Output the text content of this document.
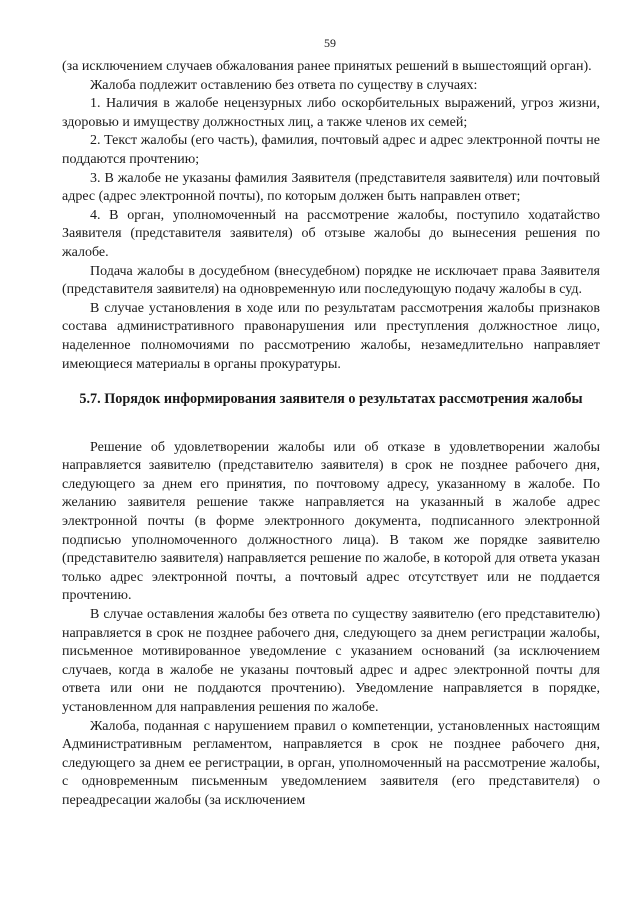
59

(за исключением случаев обжалования ранее принятых решений в вышестоящий орган).

Жалоба подлежит оставлению без ответа по существу в случаях:

1. Наличия в жалобе нецензурных либо оскорбительных выражений, угроз жизни, здоровью и имуществу должностных лиц, а также членов их семей;

2. Текст жалобы (его часть), фамилия, почтовый адрес и адрес электронной почты не поддаются прочтению;

3. В жалобе не указаны фамилия Заявителя (представителя заявителя) или почтовый адрес (адрес электронной почты), по которым должен быть направлен ответ;

4. В орган, уполномоченный на рассмотрение жалобы, поступило ходатайство Заявителя (представителя заявителя) об отзыве жалобы до вынесения решения по жалобе.

Подача жалобы в досудебном (внесудебном) порядке не исключает права Заявителя (представителя заявителя) на одновременную или последующую подачу жалобы в суд.

В случае установления в ходе или по результатам рассмотрения жалобы признаков состава административного правонарушения или преступления должностное лицо, наделенное полномочиями по рассмотрению жалобы, незамедлительно направляет имеющиеся материалы в органы прокуратуры.

5.7. Порядок информирования заявителя о результатах рассмотрения жалобы

Решение об удовлетворении жалобы или об отказе в удовлетворении жалобы направляется заявителю (представителю заявителя) в срок не позднее рабочего дня, следующего за днем его принятия, по почтовому адресу, указанному в жалобе. По желанию заявителя решение также направляется на указанный в жалобе адрес электронной почты (в форме электронного документа, подписанного электронной подписью уполномоченного должностного лица). В таком же порядке заявителю (представителю заявителя) направляется решение по жалобе, в которой для ответа указан только адрес электронной почты, а почтовый адрес отсутствует или не поддается прочтению.

В случае оставления жалобы без ответа по существу заявителю (его представителю) направляется в срок не позднее рабочего дня, следующего за днем регистрации жалобы, письменное мотивированное уведомление с указанием оснований (за исключением случаев, когда в жалобе не указаны почтовый адрес и адрес электронной почты для ответа или они не поддаются прочтению). Уведомление направляется в порядке, установленном для направления решения по жалобе.

Жалоба, поданная с нарушением правил о компетенции, установленных настоящим Административным регламентом, направляется в срок не позднее рабочего дня, следующего за днем ее регистрации, в орган, уполномоченный на рассмотрение жалобы, с одновременным письменным уведомлением заявителя (его представителя) о переадресации жалобы (за исключением
